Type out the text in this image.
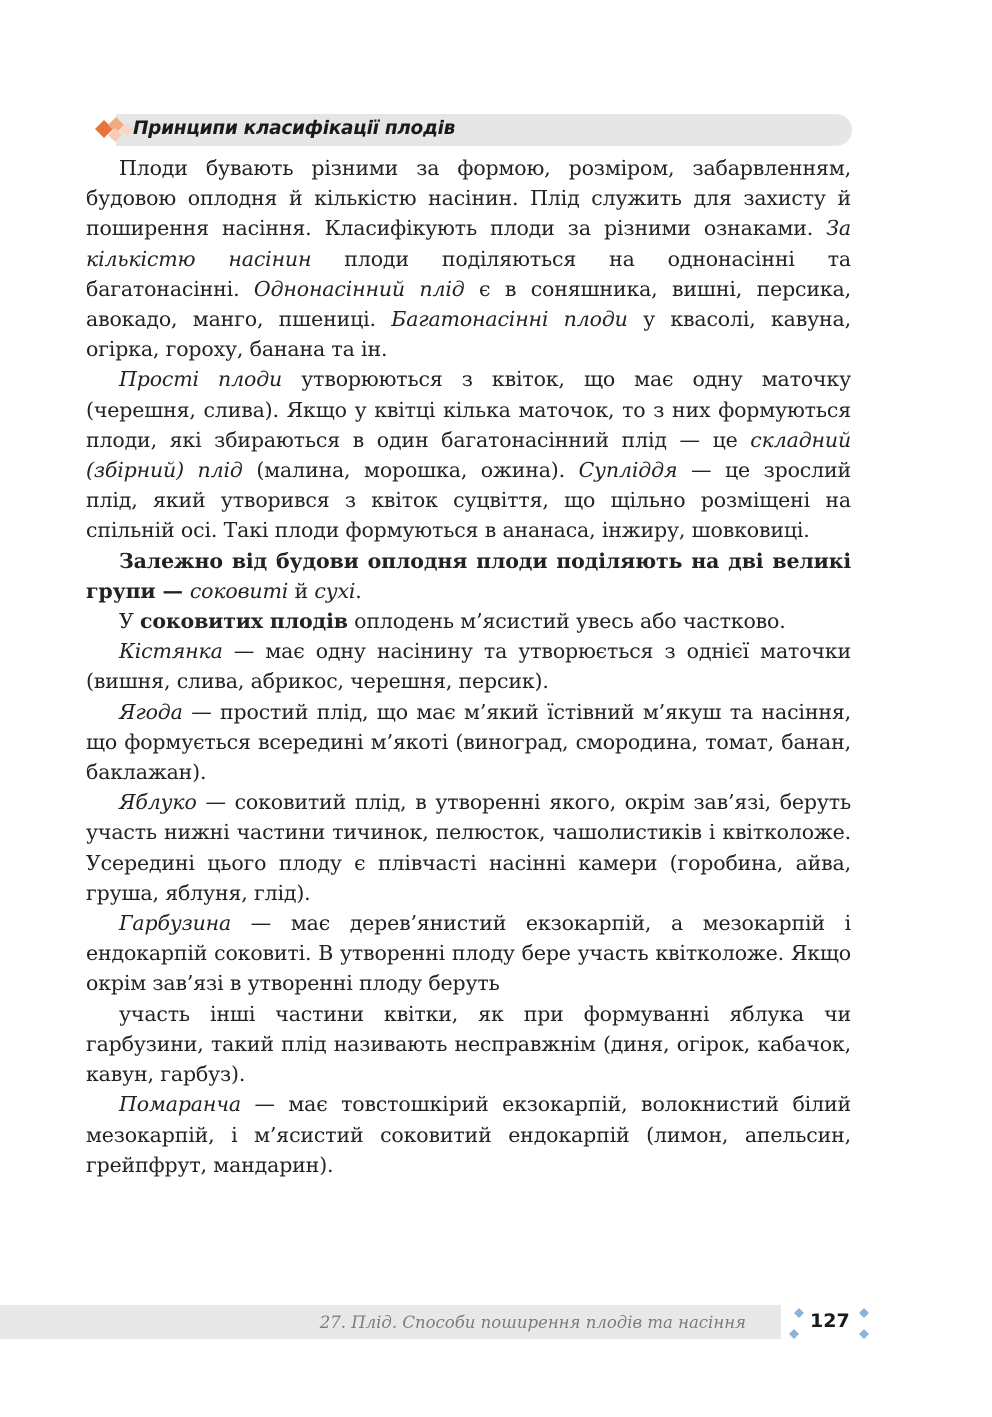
Принципи класифікації плодів

Плоди бувають різними за формою, розміром, забарвленням, будовою оплодня й кількістю насінин. Плід служить для захисту й поширення насіння. Класифікують плоди за різними ознаками. За кількістю насінин плоди поділяються на однонасінні та багатонасінні. Однонасінний плід є в соняшника, вишні, персика, авокадо, манго, пшениці. Багатонасінні плоди у квасолі, кавуна, огірка, гороху, банана та ін.

Прості плоди утворюються з квіток, що має одну маточку (черешня, слива). Якщо у квітці кілька маточок, то з них формуються плоди, які збираються в один багатонасінний плід — це складний (збірний) плід (малина, морошка, ожина). Супліддя — це зрослий плід, який утворився з квіток суцвіття, що щільно розміщені на спільній осі. Такі плоди формуються в ананаса, інжиру, шовковиці.

Залежно від будови оплодня плоди поділяють на дві великі групи — соковиті й сухі.

У соковитих плодів оплодень м’ясистий увесь або частково.

Кістянка — має одну насінину та утворюється з однієї маточки (вишня, слива, абрикос, черешня, персик).

Ягода — простий плід, що має м’який їстівний м’якуш та насіння, що формується всередині м’якоті (виноград, смородина, томат, банан, баклажан).

Яблуко — соковитий плід, в утворенні якого, окрім зав’язі, беруть участь нижні частини тичинок, пелюсток, чашолистиків і квітколоже. Усередині цього плоду є плівчасті насінні камери (горобина, айва, груша, яблуня, глід).

Гарбузина — має дерев’янистий екзокарпій, а мезокарпій і ендокарпій соковиті. В утворенні плоду бере участь квітколоже. Якщо окрім зав’язі в утворенні плоду беруть

участь інші частини квітки, як при формуванні яблука чи гарбузини, такий плід називають несправжнім (диня, огірок, кабачок, кавун, гарбуз).

Помаранча — має товстошкірий екзокарпій, волокнистий білий мезокарпій, і м’ясистий соковитий ендокарпій (лимон, апельсин, грейпфрут, мандарин).

27. Плід. Способи поширення плодів та насіння	127
